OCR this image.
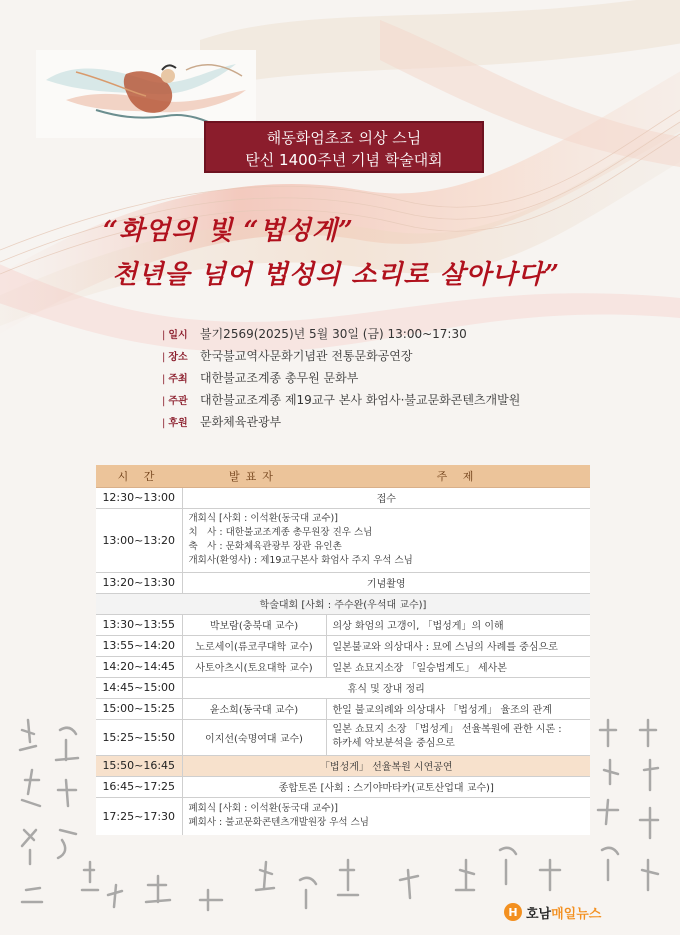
해동화엄초조 의상 스님
탄신 1400주년 기념 학술대회
“화엄의 빛 “법성게”
천년을 넘어 법성의 소리로 살아나다”
| 일시	불기2569(2025)년 5월 30일 (금) 13:00~17:30
| 장소	한국불교역사문화기념관 전통문화공연장
| 주최	대한불교조계종 총무원 문화부
| 주관	대한불교조계종 제19교구 본사 화엄사·불교문화콘텐츠개발원
| 후원	문화체육관광부
시 간	발표자	주 제
12:30~13:00	접수	
13:00~13:20	개회식 [사회 : 이석환(동국대 교수)]
치　사 : 대한불교조계종 총무원장 진우 스님
축　사 : 문화체육관광부 장관 유인촌
개회사(환영사) : 제19교구본사 화엄사 주지 우석 스님	

13:20~13:30	기념촬영	
학술대회 [사회 : 주수완(우석대 교수)]		
13:30~13:55	박보람(충북대 교수)	의상 화엄의 고갱이, 「법성게」의 이해
13:55~14:20	노로세이(류코쿠대학 교수)	일본불교와 의상대사 : 묘에 스님의 사례를 중심으로
14:20~14:45	사토아츠시(토요대학 교수)	일본 쇼묘지소장 「일승법계도」 세사본
14:45~15:00	휴식 및 장내 정리	
15:00~15:25	윤소희(동국대 교수)	한일 불교의례와 의상대사 「법성게」 율조의 관계
15:25~15:50	이지선(숙명여대 교수)	일본 쇼묘지 소장 「법성게」 선율복원에 관한 시론 :
하카세 악보분석을 중심으로

15:50~16:45	「법성게」 선율복원 시연공연	
16:45~17:25	종합토론 [사회 : 스기야마타카(교토산업대 교수)]	
17:25~17:30	폐회식 [사회 : 이석환(동국대 교수)]
폐회사 : 불교문화콘텐츠개발원장 우석 스님	
H 호남 매일뉴스
